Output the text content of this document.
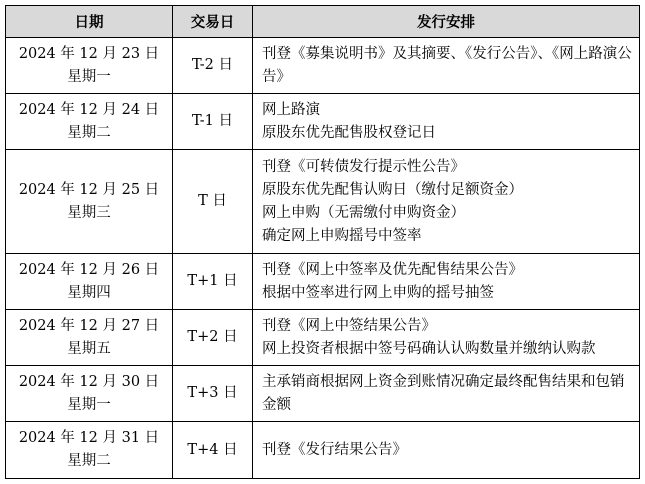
日期	交易日	发行安排

2024 年 12 月 23 日
星期一	T-2 日	刊登《募集说明书》及其摘要、《发行公告》、《网上路演公告》

2024 年 12 月 24 日
星期二	T-1 日	网上路演
原股东优先配售股权登记日

2024 年 12 月 25 日
星期三	T 日	刊登《可转债发行提示性公告》
原股东优先配售认购日（缴付足额资金）
网上申购（无需缴付申购资金）
确定网上申购摇号中签率

2024 年 12 月 26 日
星期四	T+1 日	刊登《网上中签率及优先配售结果公告》
根据中签率进行网上申购的摇号抽签

2024 年 12 月 27 日
星期五	T+2 日	刊登《网上中签结果公告》
网上投资者根据中签号码确认认购数量并缴纳认购款

2024 年 12 月 30 日
星期一	T+3 日	主承销商根据网上资金到账情况确定最终配售结果和包销金额

2024 年 12 月 31 日
星期二	T+4 日	刊登《发行结果公告》
